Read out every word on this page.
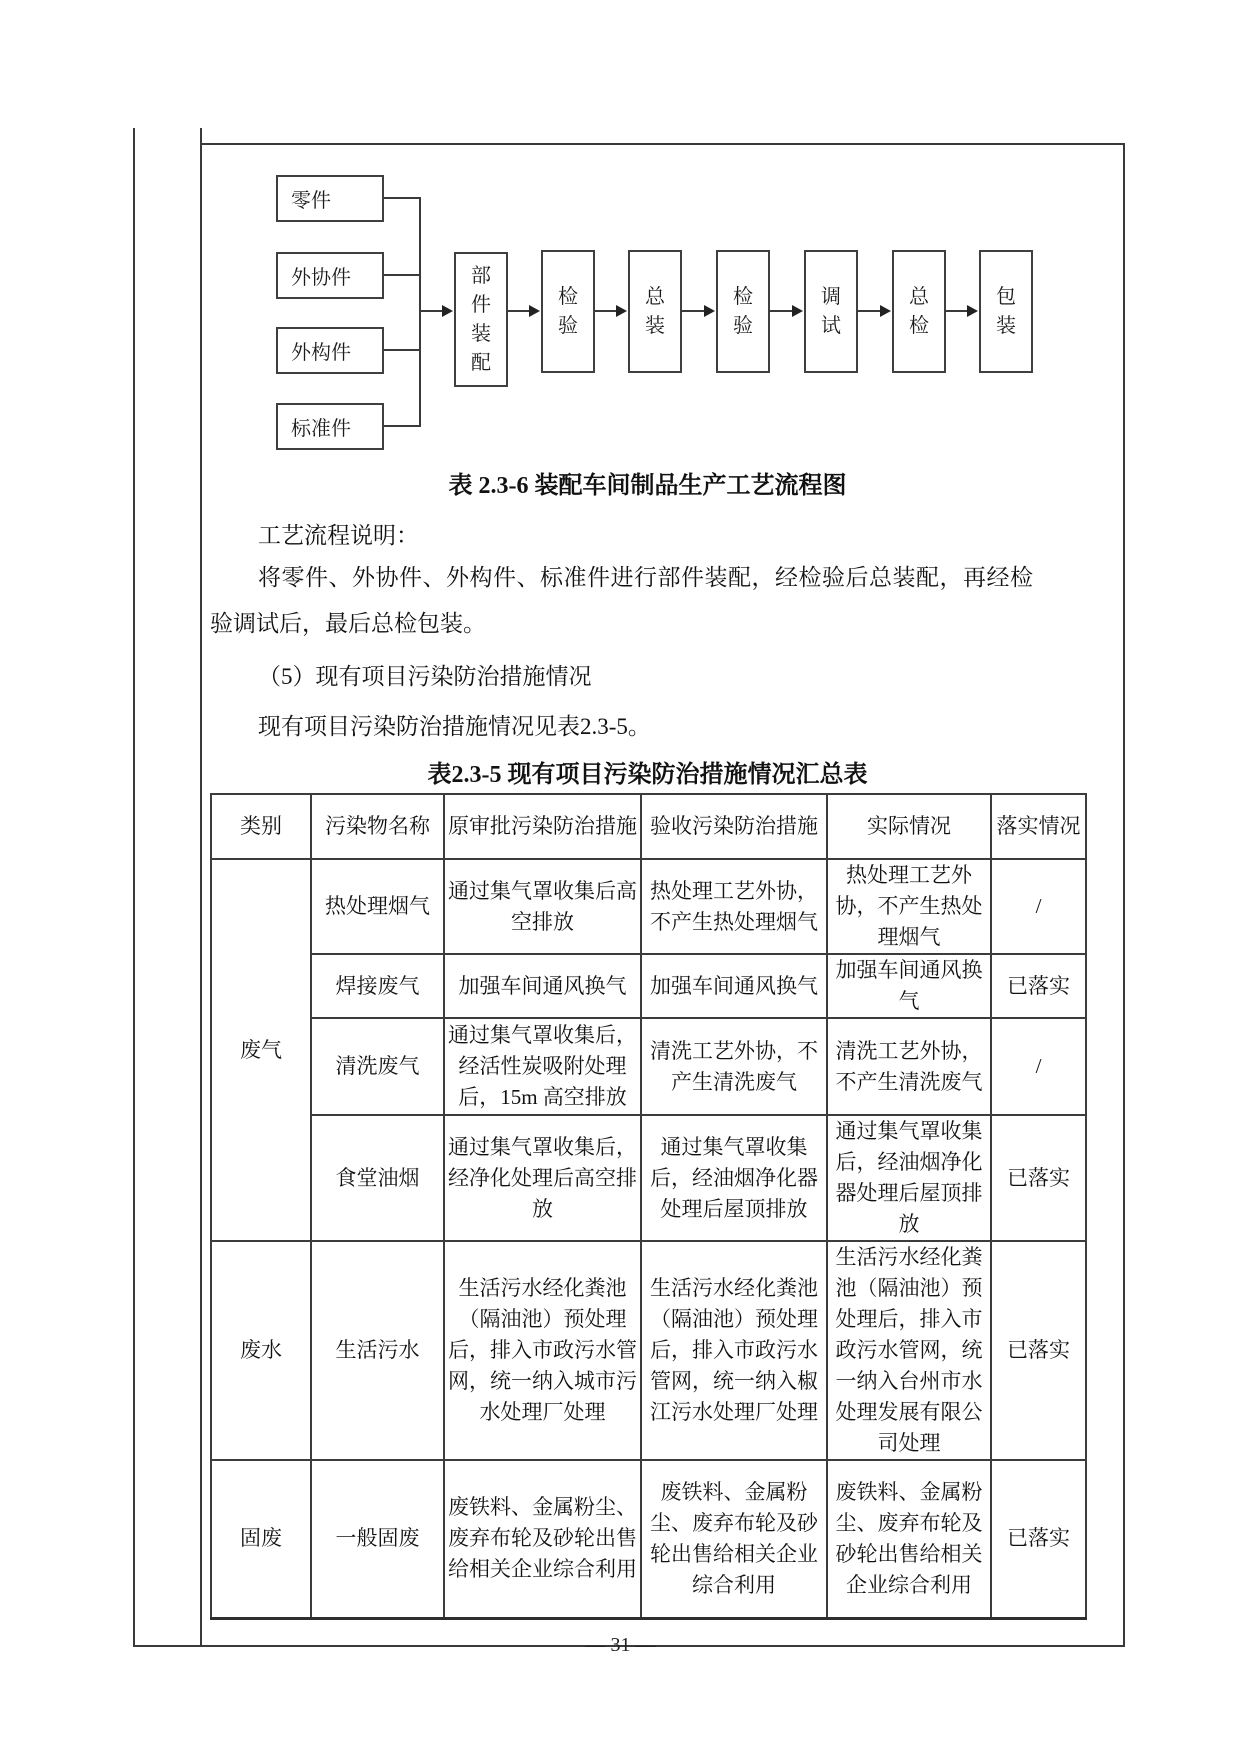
零件
外协件
外构件
标准件
部件装配
检验
总装
检验
调试
总检
包装
表 2.3-6 装配车间制品生产工艺流程图
工艺流程说明：
将零件、外协件、外构件、标准件进行部件装配，经检验后总装配，再经检
验调试后，最后总检包装。
（5）现有项目污染防治措施情况
现有项目污染防治措施情况见表2.3-5。
表2.3-5 现有项目污染防治措施情况汇总表
类别	污染物名称	原审批污染防治措施	验收污染防治措施	实际情况	落实情况
废气	热处理烟气	通过集气罩收集后高空排放	热处理工艺外协，不产生热处理烟气	热处理工艺外协，不产生热处理烟气	/
	焊接废气	加强车间通风换气	加强车间通风换气	加强车间通风换气	已落实
	清洗废气	通过集气罩收集后，经活性炭吸附处理后，15m 高空排放	清洗工艺外协，不产生清洗废气	清洗工艺外协，不产生清洗废气	/
	食堂油烟	通过集气罩收集后，经净化处理后高空排放	通过集气罩收集后，经油烟净化器处理后屋顶排放	通过集气罩收集后，经油烟净化器处理后屋顶排放	已落实
废水	生活污水	生活污水经化粪池（隔油池）预处理后，排入市政污水管网，统一纳入城市污水处理厂处理	生活污水经化粪池（隔油池）预处理后，排入市政污水管网，统一纳入椒江污水处理厂处理	生活污水经化粪池（隔油池）预处理后，排入市政污水管网，统一纳入台州市水处理发展有限公司处理	已落实
固废	一般固废	废铁料、金属粉尘、废弃布轮及砂轮出售给相关企业综合利用	废铁料、金属粉尘、废弃布轮及砂轮出售给相关企业综合利用	废铁料、金属粉尘、废弃布轮及砂轮出售给相关企业综合利用	已落实
— 31 —
